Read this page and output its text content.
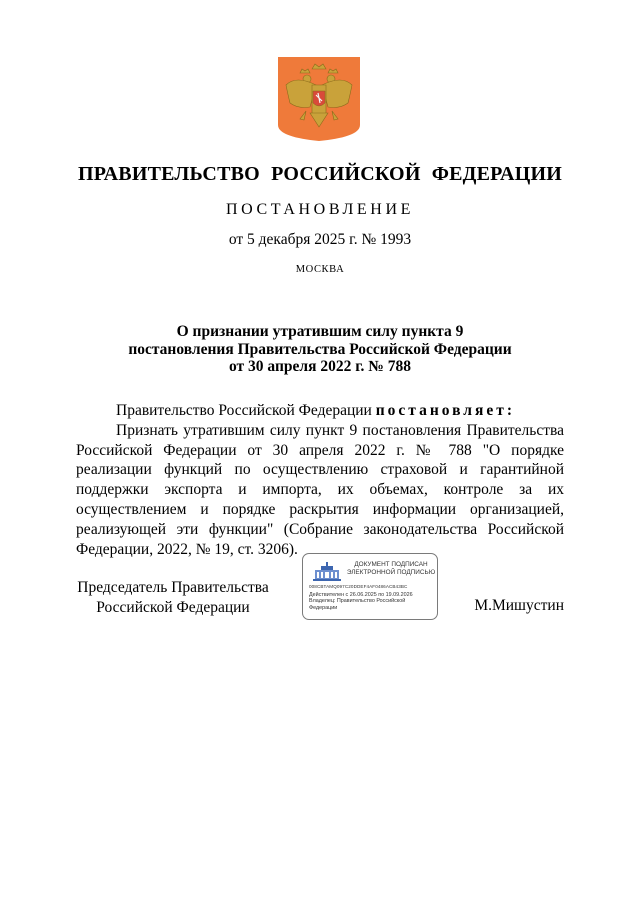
ПРАВИТЕЛЬСТВО РОССИЙСКОЙ ФЕДЕРАЦИИ
ПОСТАНОВЛЕНИЕ
от 5 декабря 2025 г. № 1993
МОСКВА
О признании утратившим силу пункта 9
постановления Правительства Российской Федерации
от 30 апреля 2022 г. № 788
Правительство Российской Федерации постановляет:
Признать утратившим силу пункт 9 постановления Правительства Российской Федерации от 30 апреля 2022 г. № 788 "О порядке реализации функций по осуществлению страховой и гарантийной поддержки экспорта и импорта, их объемах, контроле за их осуществлением и порядке раскрытия информации организацией, реализующей эти функции" (Собрание законодательства Российской Федерации, 2022, № 19, ст. 3206).
Председатель Правительства
Российской Федерации
ДОКУМЕНТ ПОДПИСАН
ЭЛЕКТРОННОЙ ПОДПИСЬЮ
008CBTAMQ097C20DDEF4AF0486ACB43BC
Действителен с 26.06.2025 по 19.09.2026
Владелец: Правительство Российской
Федерации	М.Мишустин
